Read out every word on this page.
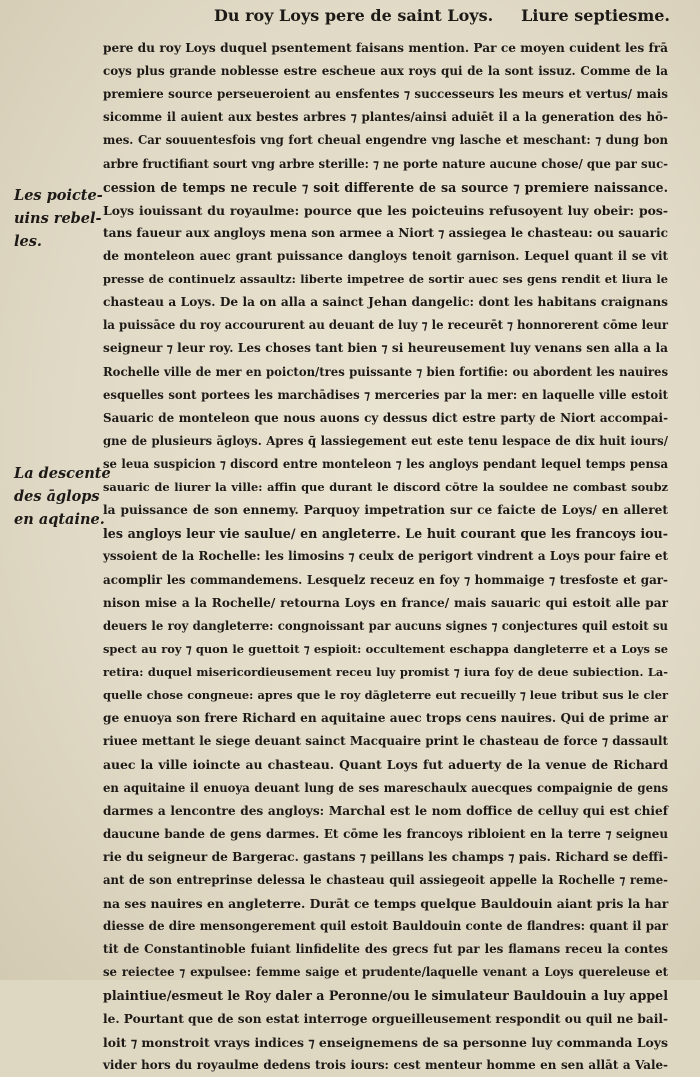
Du roy Loys pere de saint Loys. Liure septiesme.
Les poicte-
uins rebel-
les.
La descente
des āglops
en aqtaine.
pere du roy Loys duquel psentement faisans mention. Par ce moyen cuident les frā
coys plus grande noblesse estre escheue aux roys qui de la sont issuz. Comme de la
premiere source perseueroient au ensfentes ⁊ successeurs les meurs et vertus/ mais
sicomme il auient aux bestes arbres ⁊ plantes/ainsi aduiēt il a la generation des hō-
mes. Car souuentesfois vng fort cheual engendre vng lasche et meschant: ⁊ dung bon
arbre fructifiant sourt vng arbre sterille: ⁊ ne porte nature aucune chose/ que par suc-
cession de temps ne recule ⁊ soit differente de sa source ⁊ premiere naissance.
Loys iouissant du royaulme: pource que les poicteuins refusoyent luy obeir: pos-
tans faueur aux angloys mena son armee a Niort ⁊ assiegea le chasteau: ou sauaric
de monteleon auec grant puissance dangloys tenoit garnison. Lequel quant il se vit
presse de continuelz assaultz: liberte impetree de sortir auec ses gens rendit et liura le
chasteau a Loys. De la on alla a sainct Jehan dangelic: dont les habitans craignans
la puissāce du roy accoururent au deuant de luy ⁊ le receurēt ⁊ honnorerent cōme leur
seigneur ⁊ leur roy. Les choses tant bien ⁊ si heureusement luy venans sen alla a la
Rochelle ville de mer en poicton/tres puissante ⁊ bien fortifie: ou abordent les nauires
esquelles sont portees les marchādises ⁊ merceries par la mer: en laquelle ville estoit
Sauaric de monteleon que nous auons cy dessus dict estre party de Niort accompai-
gne de plusieurs āgloys. Apres q̄ lassiegement eut este tenu lespace de dix huit iours/
se leua suspicion ⁊ discord entre monteleon ⁊ les angloys pendant lequel temps pensa
sauaric de liurer la ville: affin que durant le discord cōtre la souldee ne combast soubz
la puissance de son ennemy. Parquoy impetration sur ce faicte de Loys/ en alleret
les angloys leur vie saulue/ en angleterre. Le huit courant que les francoys iou-
yssoient de la Rochelle: les limosins ⁊ ceulx de perigort vindrent a Loys pour faire et
acomplir les commandemens. Lesquelz receuz en foy ⁊ hommaige ⁊ tresfoste et gar-
nison mise a la Rochelle/ retourna Loys en france/ mais sauaric qui estoit alle par
deuers le roy dangleterre: congnoissant par aucuns signes ⁊ conjectures quil estoit su
spect au roy ⁊ quon le guettoit ⁊ espioit: occultement eschappa dangleterre et a Loys se
retira: duquel misericordieusement receu luy promist ⁊ iura foy de deue subiection. La-
quelle chose congneue: apres que le roy dāgleterre eut recueilly ⁊ leue tribut sus le cler
ge enuoya son frere Richard en aquitaine auec trops cens nauires. Qui de prime ar
riuee mettant le siege deuant sainct Macquaire print le chasteau de force ⁊ dassault
auec la ville ioincte au chasteau. Quant Loys fut aduerty de la venue de Richard
en aquitaine il enuoya deuant lung de ses mareschaulx auecques compaignie de gens
darmes a lencontre des angloys: Marchal est le nom doffice de celluy qui est chief
daucune bande de gens darmes. Et cōme les francoys ribloient en la terre ⁊ seigneu
rie du seigneur de Bargerac. gastans ⁊ peillans les champs ⁊ pais. Richard se deffi-
ant de son entreprinse delessa le chasteau quil assiegeoit appelle la Rochelle ⁊ reme-
na ses nauires en angleterre. Durāt ce temps quelque Bauldouin aiant pris la har
diesse de dire mensongerement quil estoit Bauldouin conte de flandres: quant il par
tit de Constantinoble fuiant linfidelite des grecs fut par les flamans receu la contes
se reiectee ⁊ expulsee: femme saige et prudente/laquelle venant a Loys quereleuse et
plaintiue/esmeut le Roy daler a Peronne/ou le simulateur Bauldouin a luy appel
le. Pourtant que de son estat interroge orgueilleusement respondit ou quil ne bail-
loit ⁊ monstroit vrays indices ⁊ enseignemens de sa personne luy commanda Loys
vider hors du royaulme dedens trois iours: cest menteur homme en sen allāt a Vale-
